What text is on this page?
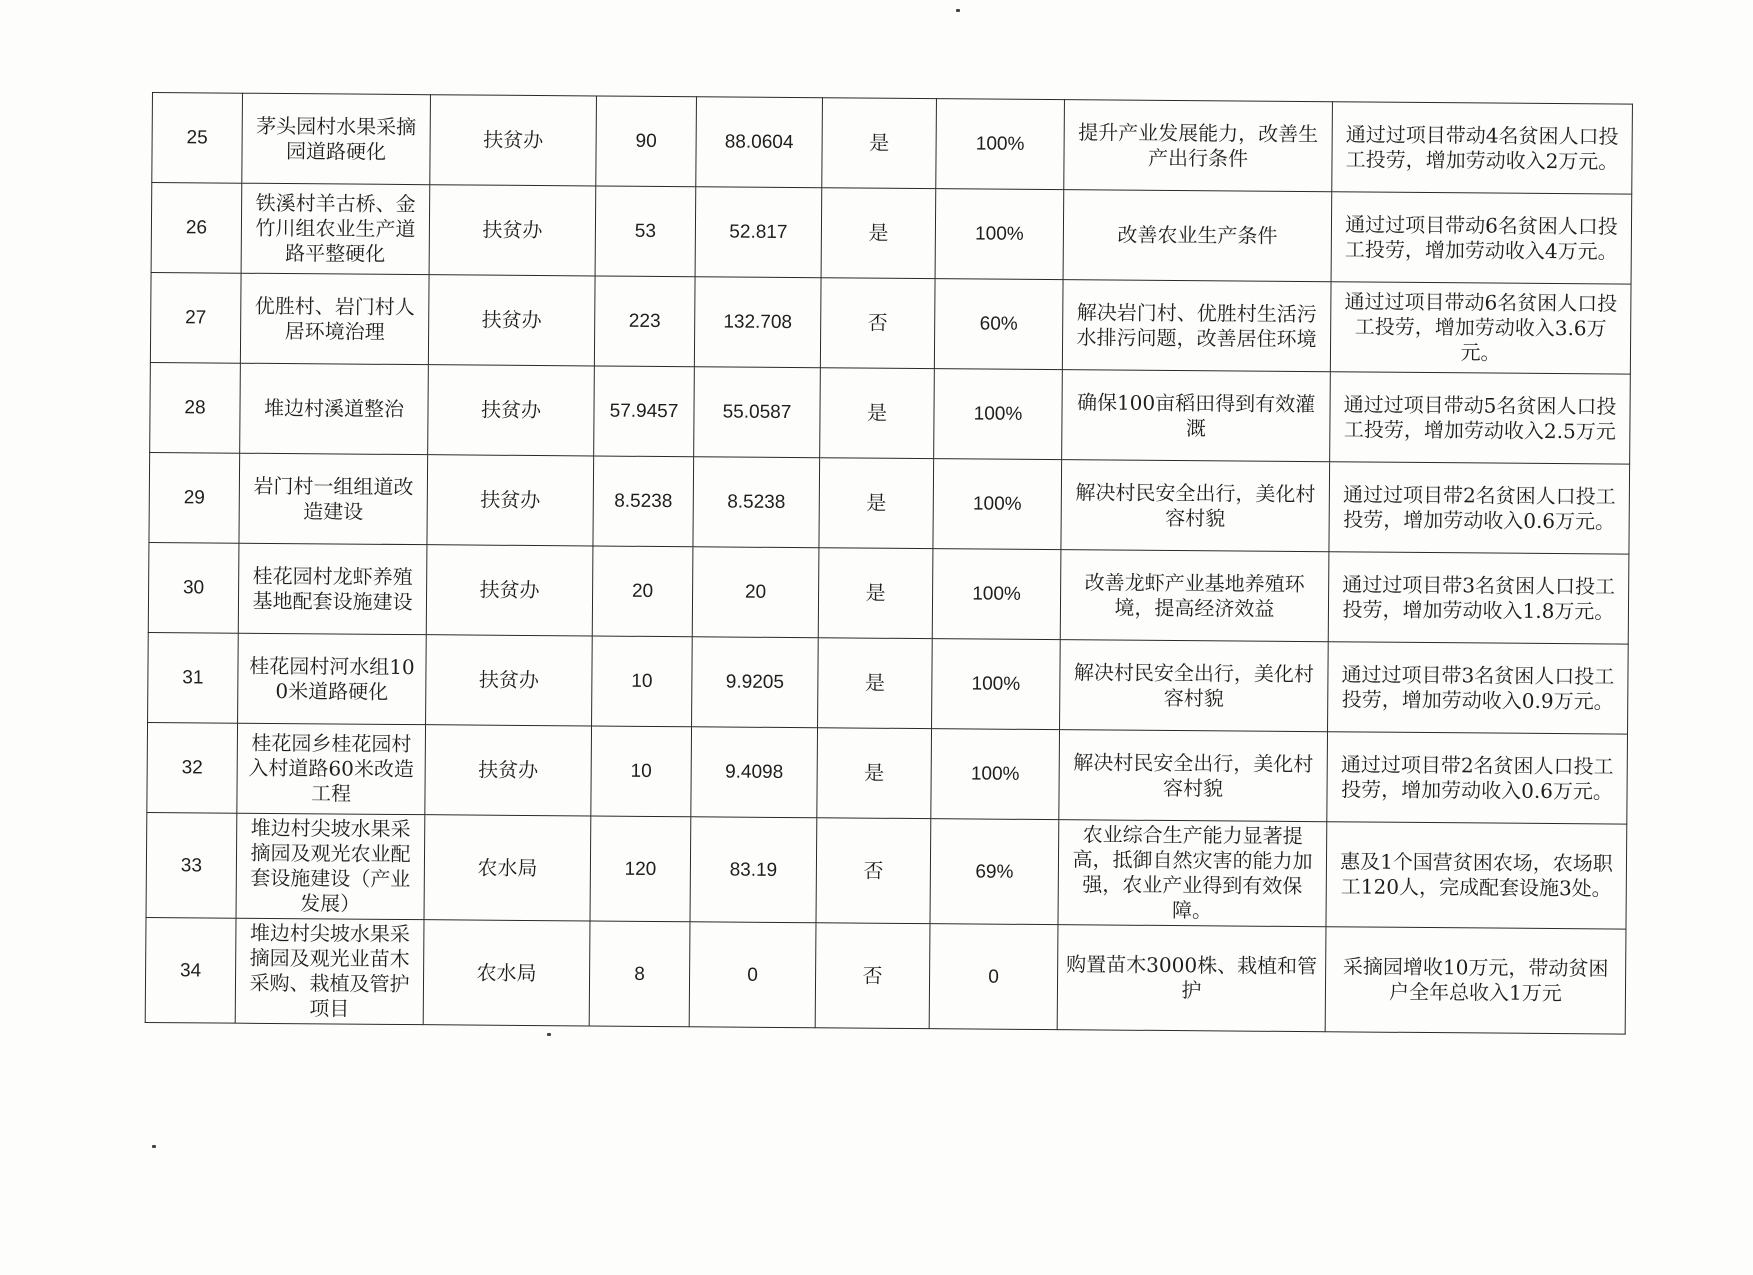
25	茅头园村水果采摘园道路硬化	扶贫办	90	88.0604	是	100%	提升产业发展能力，改善生产出行条件	通过过项目带动4名贫困人口投工投劳，增加劳动收入2万元。
26	铁溪村羊古桥、金竹川组农业生产道路平整硬化	扶贫办	53	52.817	是	100%	改善农业生产条件	通过过项目带动6名贫困人口投工投劳，增加劳动收入4万元。
27	优胜村、岩门村人居环境治理	扶贫办	223	132.708	否	60%	解决岩门村、优胜村生活污水排污问题，改善居住环境	通过过项目带动6名贫困人口投工投劳，增加劳动收入3.6万元。
28	堆边村溪道整治	扶贫办	57.9457	55.0587	是	100%	确保100亩稻田得到有效灌溉	通过过项目带动5名贫困人口投工投劳，增加劳动收入2.5万元
29	岩门村一组组道改造建设	扶贫办	8.5238	8.5238	是	100%	解决村民安全出行，美化村容村貌	通过过项目带2名贫困人口投工投劳，增加劳动收入0.6万元。
30	桂花园村龙虾养殖基地配套设施建设	扶贫办	20	20	是	100%	改善龙虾产业基地养殖环境，提高经济效益	通过过项目带3名贫困人口投工投劳，增加劳动收入1.8万元。
31	桂花园村河水组100米道路硬化	扶贫办	10	9.9205	是	100%	解决村民安全出行，美化村容村貌	通过过项目带3名贫困人口投工投劳，增加劳动收入0.9万元。
32	桂花园乡桂花园村入村道路60米改造工程	扶贫办	10	9.4098	是	100%	解决村民安全出行，美化村容村貌	通过过项目带2名贫困人口投工投劳，增加劳动收入0.6万元。
33	堆边村尖坡水果采摘园及观光农业配套设施建设（产业发展）	农水局	120	83.19	否	69%	农业综合生产能力显著提高，抵御自然灾害的能力加强，农业产业得到有效保障。	惠及1个国营贫困农场，农场职工120人，完成配套设施3处。
34	堆边村尖坡水果采摘园及观光业苗木采购、栽植及管护项目	农水局	8	0	否	0	购置苗木3000株、栽植和管护	采摘园增收10万元，带动贫困户全年总收入1万元
